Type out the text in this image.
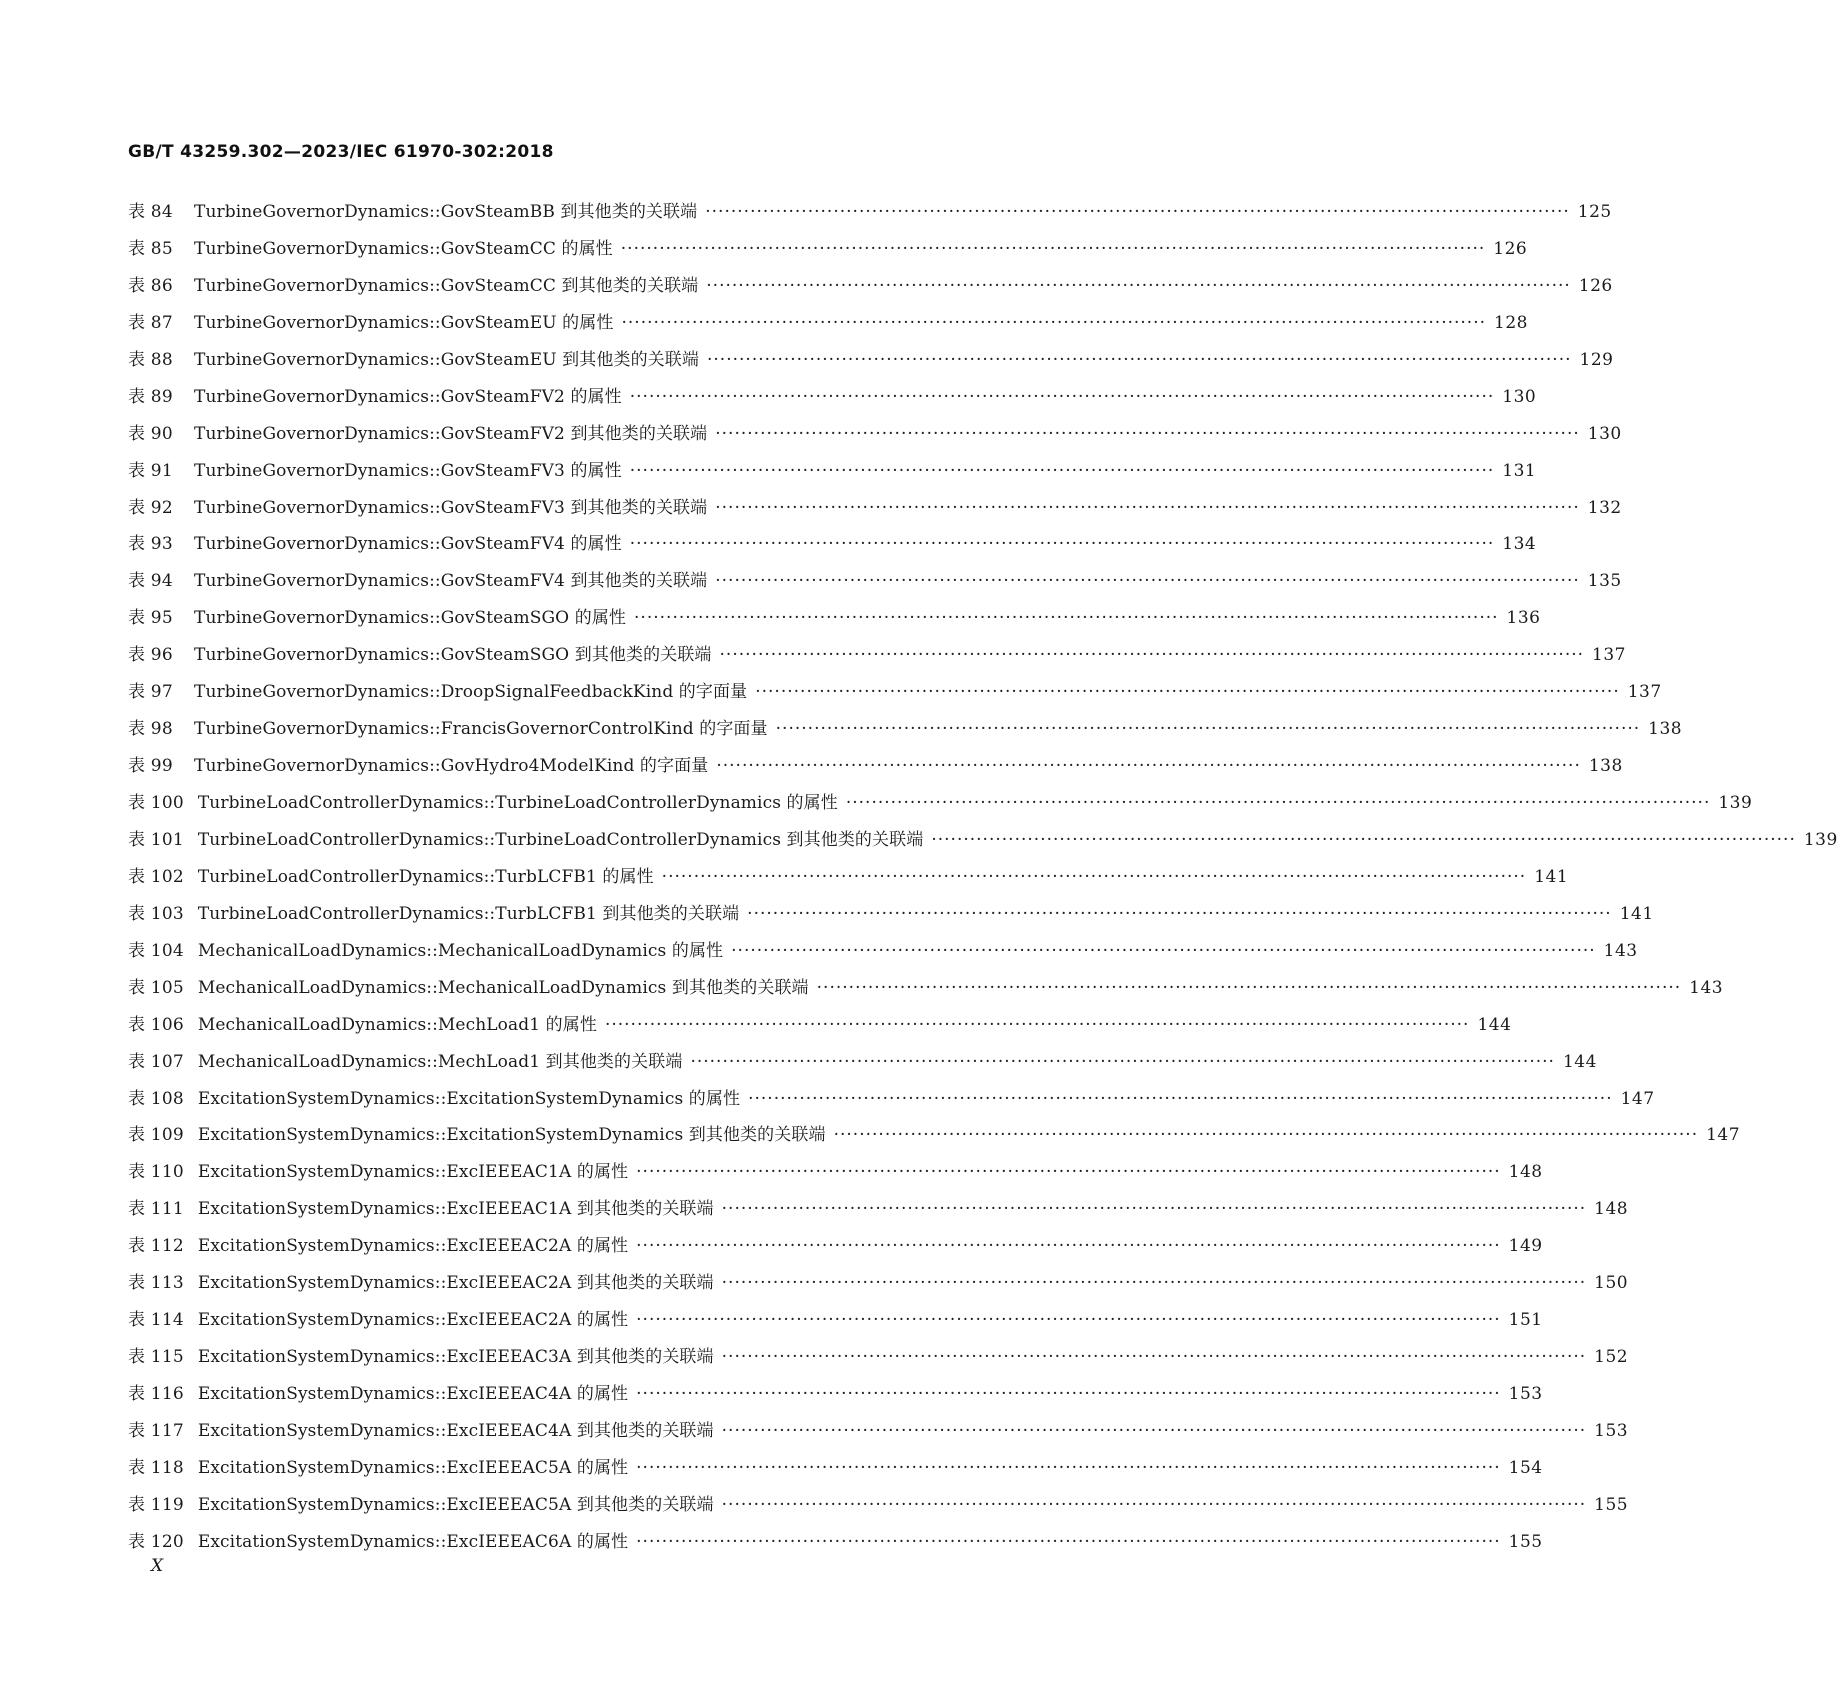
GB/T 43259.302—2023/IEC 61970-302:2018
表 84	TurbineGovernorDynamics::GovSteamBB 到其他类的关联端 ·····	125
表 85	TurbineGovernorDynamics::GovSteamCC 的属性 ·····	126
表 86	TurbineGovernorDynamics::GovSteamCC 到其他类的关联端 ·····	126
表 87	TurbineGovernorDynamics::GovSteamEU 的属性 ·····	128
表 88	TurbineGovernorDynamics::GovSteamEU 到其他类的关联端 ·····	129
表 89	TurbineGovernorDynamics::GovSteamFV2 的属性 ·····	130
表 90	TurbineGovernorDynamics::GovSteamFV2 到其他类的关联端 ·····	130
表 91	TurbineGovernorDynamics::GovSteamFV3 的属性 ·····	131
表 92	TurbineGovernorDynamics::GovSteamFV3 到其他类的关联端 ·····	132
表 93	TurbineGovernorDynamics::GovSteamFV4 的属性 ·····	134
表 94	TurbineGovernorDynamics::GovSteamFV4 到其他类的关联端 ·····	135
表 95	TurbineGovernorDynamics::GovSteamSGO 的属性 ·····	136
表 96	TurbineGovernorDynamics::GovSteamSGO 到其他类的关联端 ·····	137
表 97	TurbineGovernorDynamics::DroopSignalFeedbackKind 的字面量 ·····	137
表 98	TurbineGovernorDynamics::FrancisGovernorControlKind 的字面量 ·····	138
表 99	TurbineGovernorDynamics::GovHydro4ModelKind 的字面量 ·····	138
表 100 TurbineLoadControllerDynamics::TurbineLoadControllerDynamics 的属性 ·····	139
表 101 TurbineLoadControllerDynamics::TurbineLoadControllerDynamics 到其他类的关联端 ·····	139
表 102 TurbineLoadControllerDynamics::TurbLCFB1 的属性 ·····	141
表 103 TurbineLoadControllerDynamics::TurbLCFB1 到其他类的关联端 ·····	141
表 104 MechanicalLoadDynamics::MechanicalLoadDynamics 的属性 ·····	143
表 105 MechanicalLoadDynamics::MechanicalLoadDynamics 到其他类的关联端 ·····	143
表 106 MechanicalLoadDynamics::MechLoad1 的属性 ·····	144
表 107 MechanicalLoadDynamics::MechLoad1 到其他类的关联端 ·····	144
表 108 ExcitationSystemDynamics::ExcitationSystemDynamics 的属性 ·····	147
表 109 ExcitationSystemDynamics::ExcitationSystemDynamics 到其他类的关联端 ·····	147
表 110 ExcitationSystemDynamics::ExcIEEEAC1A 的属性 ·····	148
表 111 ExcitationSystemDynamics::ExcIEEEAC1A 到其他类的关联端 ·····	148
表 112 ExcitationSystemDynamics::ExcIEEEAC2A 的属性 ·····	149
表 113 ExcitationSystemDynamics::ExcIEEEAC2A 到其他类的关联端 ·····	150
表 114 ExcitationSystemDynamics::ExcIEEEAC2A 的属性 ·····	151
表 115 ExcitationSystemDynamics::ExcIEEEAC3A 到其他类的关联端 ·····	152
表 116 ExcitationSystemDynamics::ExcIEEEAC4A 的属性 ·····	153
表 117 ExcitationSystemDynamics::ExcIEEEAC4A 到其他类的关联端 ·····	153
表 118 ExcitationSystemDynamics::ExcIEEEAC5A 的属性 ·····	154
表 119 ExcitationSystemDynamics::ExcIEEEAC5A 到其他类的关联端 ·····	155
表 120 ExcitationSystemDynamics::ExcIEEEAC6A 的属性 ·····	155
X
